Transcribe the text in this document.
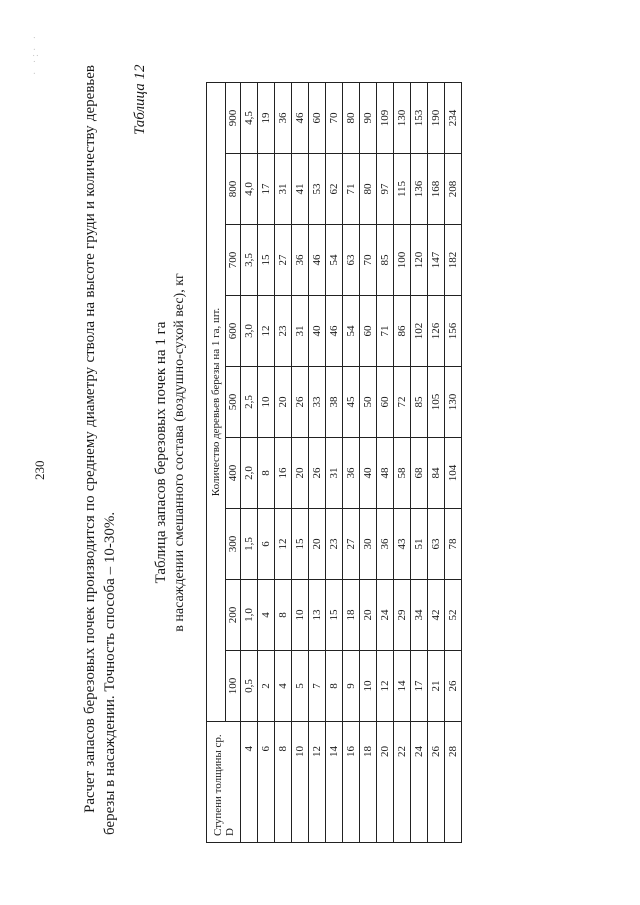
230
· ·:· ·

Расчет запасов березовых почек производится по среднему диаметру ствола на высоте груди и количеству деревьев березы в насаждении. Точность способа – 10-30%.

Таблица 12
Таблица запасов березовых почек на 1 га в насаждении смешанного состава (воздушно-сухой вес), кг
Ступени толщины ср. D	Количество деревьев березы на 1 га, шт.								
	100	200	300	400	500	600	700	800	900
4	0,5	1,0	1,5	2,0	2,5	3,0	3,5	4,0	4,5
6	2	4	6	8	10	12	15	17	19
8	4	8	12	16	20	23	27	31	36
10	5	10	15	20	26	31	36	41	46
12	7	13	20	26	33	40	46	53	60
14	8	15	23	31	38	46	54	62	70
16	9	18	27	36	45	54	63	71	80
18	10	20	30	40	50	60	70	80	90
20	12	24	36	48	60	71	85	97	109
22	14	29	43	58	72	86	100	115	130
24	17	34	51	68	85	102	120	136	153
26	21	42	63	84	105	126	147	168	190
28	26	52	78	104	130	156	182	208	234
